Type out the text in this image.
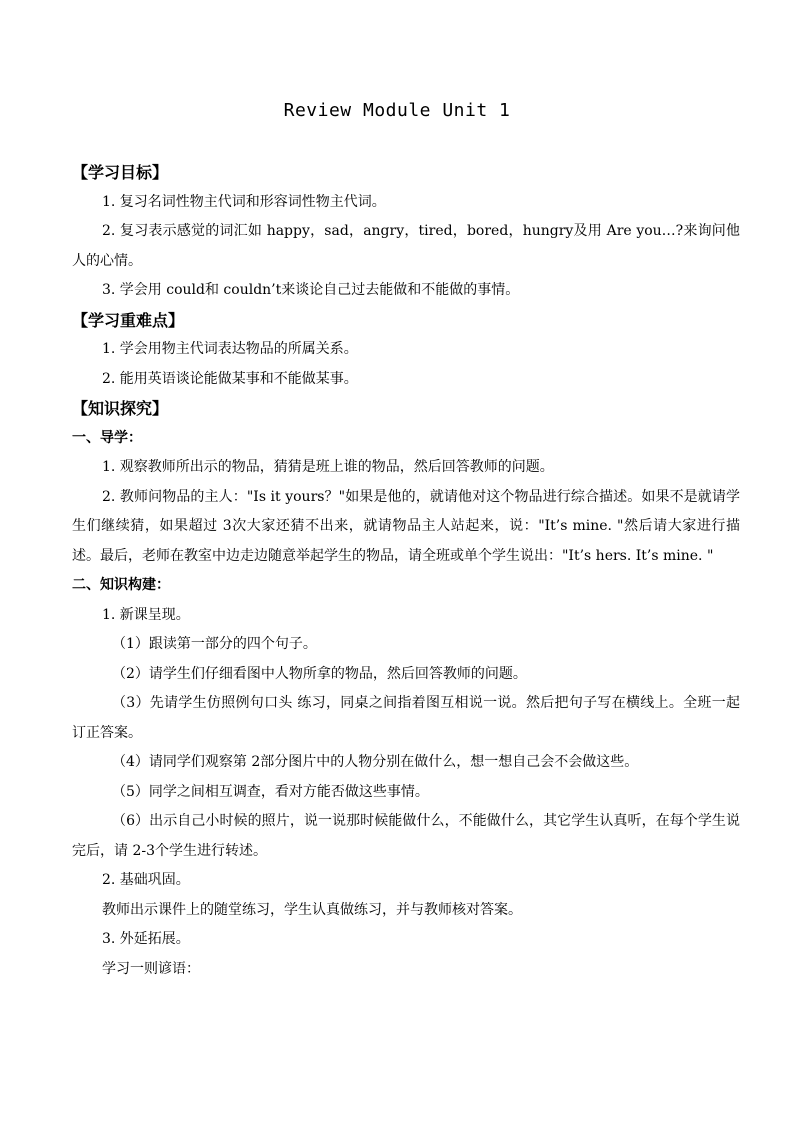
Review Module Unit 1

【学习目标】

1. 复习名词性物主代词和形容词性物主代词。

2. 复习表示感觉的词汇如 happy，sad，angry，tired，bored，hungry及用 Are you…?来询问他人的心情。

3. 学会用 could和 couldn’t来谈论自己过去能做和不能做的事情。

【学习重难点】

1. 学会用物主代词表达物品的所属关系。

2. 能用英语谈论能做某事和不能做某事。

【知识探究】

一、导学：

1. 观察教师所出示的物品，猜猜是班上谁的物品，然后回答教师的问题。

2. 教师问物品的主人："Is it yours？"如果是他的，就请他对这个物品进行综合描述。如果不是就请学生们继续猜，如果超过 3次大家还猜不出来，就请物品主人站起来，说："It’s mine. "然后请大家进行描述。最后，老师在教室中边走边随意举起学生的物品，请全班或单个学生说出："It’s hers. It’s mine. "

二、知识构建：

1. 新课呈现。

（1）跟读第一部分的四个句子。

（2）请学生们仔细看图中人物所拿的物品，然后回答教师的问题。

（3）先请学生仿照例句口头 练习，同桌之间指着图互相说一说。然后把句子写在横线上。全班一起订正答案。

（4）请同学们观察第 2部分图片中的人物分别在做什么，想一想自己会不会做这些。

（5）同学之间相互调查，看对方能否做这些事情。

（6）出示自己小时候的照片，说一说那时候能做什么，不能做什么，其它学生认真听，在每个学生说完后，请 2-3个学生进行转述。

2. 基础巩固。

教师出示课件上的随堂练习，学生认真做练习，并与教师核对答案。

3. 外延拓展。

学习一则谚语：
